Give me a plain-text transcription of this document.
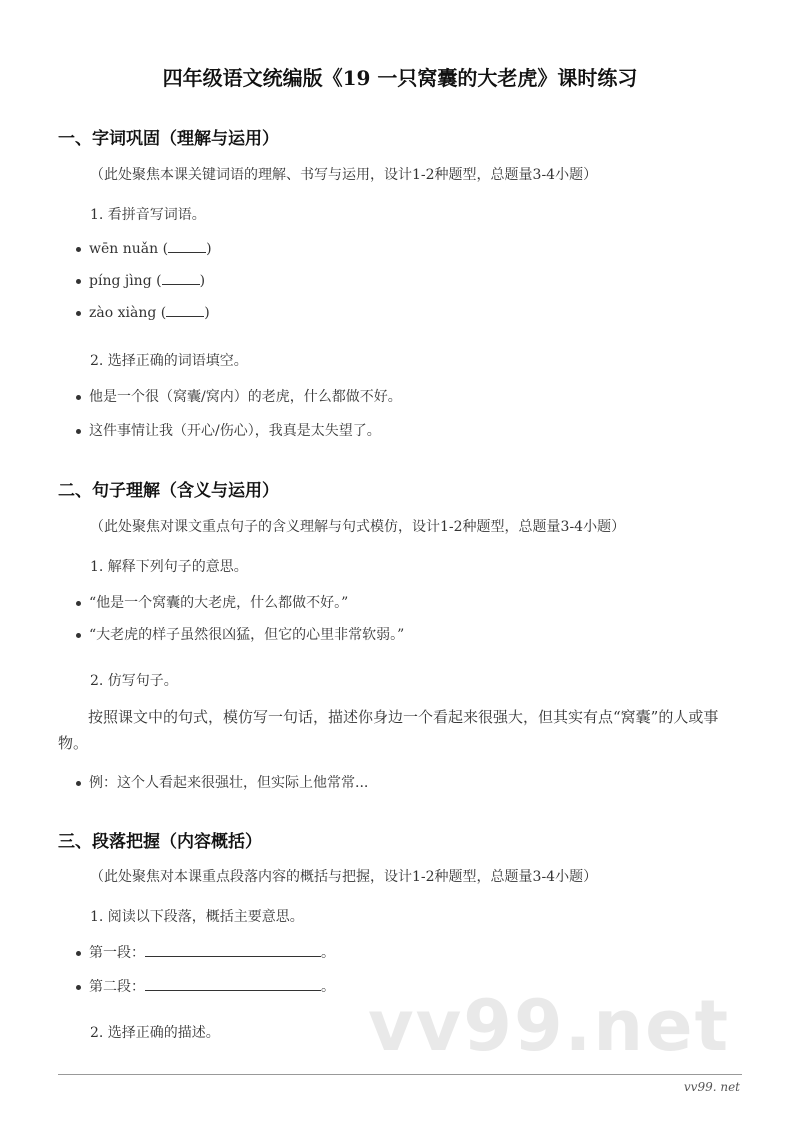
四年级语文统编版《19 一只窝囊的大老虎》课时练习
一、字词巩固（理解与运用）
（此处聚焦本课关键词语的理解、书写与运用，设计1-2种题型，总题量3-4小题）
1. 看拼音写词语。
wēn nuǎn (	)
píng jìng (	)
zào xiàng (	)
2. 选择正确的词语填空。
他是一个很（窝囊/窝内）的老虎，什么都做不好。
这件事情让我（开心/伤心），我真是太失望了。
二、句子理解（含义与运用）
（此处聚焦对课文重点句子的含义理解与句式模仿，设计1-2种题型，总题量3-4小题）
1. 解释下列句子的意思。
“他是一个窝囊的大老虎，什么都做不好。”
“大老虎的样子虽然很凶猛，但它的心里非常软弱。”
2. 仿写句子。
按照课文中的句式，模仿写一句话，描述你身边一个看起来很强大，但其实有点“窝囊”的人或事物。
例：这个人看起来很强壮，但实际上他常常...
三、段落把握（内容概括）
（此处聚焦对本课重点段落内容的概括与把握，设计1-2种题型，总题量3-4小题）
1. 阅读以下段落，概括主要意思。
第一段：	。
第二段：	。
2. 选择正确的描述。 vv99.net
vv99. net
